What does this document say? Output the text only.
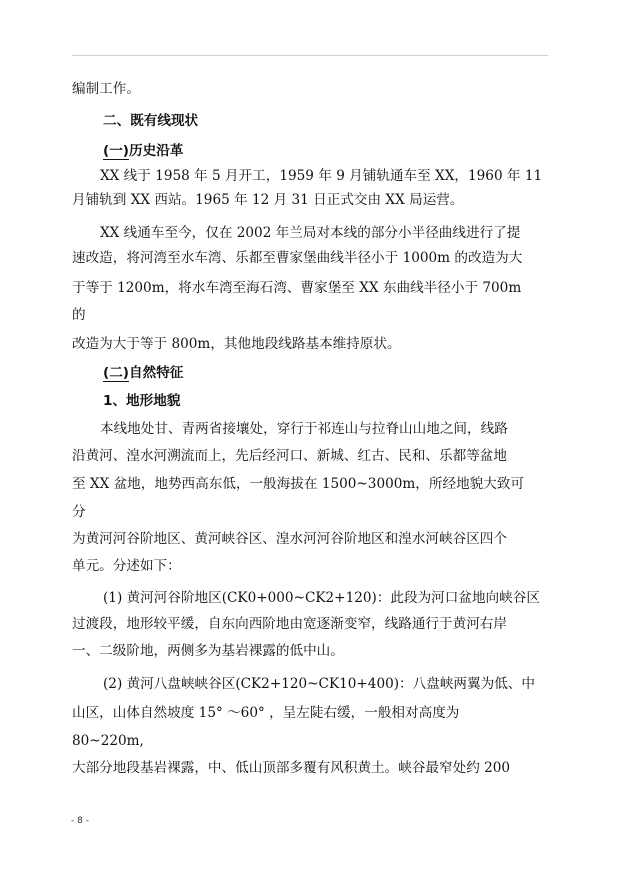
编制工作。
二、既有线现状
(一)历史沿革
XX 线于 1958 年 5 月开工，1959 年 9 月铺轨通车至 XX，1960 年 11
月铺轨到 XX 西站。1965 年 12 月 31 日正式交由 XX 局运营。
XX 线通车至今，仅在 2002 年兰局对本线的部分小半径曲线进行了提
速改造，将河湾至水车湾、乐都至曹家堡曲线半径小于 1000m 的改造为大
于等于 1200m，将水车湾至海石湾、曹家堡至 XX 东曲线半径小于 700m
的
改造为大于等于 800m，其他地段线路基本维持原状。
(二)自然特征
1、地形地貌
本线地处甘、青两省接壤处，穿行于祁连山与拉脊山山地之间，线路
沿黄河、湟水河溯流而上，先后经河口、新城、红古、民和、乐都等盆地
至 XX 盆地，地势西高东低，一般海拔在 1500~3000m，所经地貌大致可
分
为黄河河谷阶地区、黄河峡谷区、湟水河河谷阶地区和湟水河峡谷区四个
单元。分述如下：
(1) 黄河河谷阶地区(CK0+000~CK2+120)：此段为河口盆地向峡谷区
过渡段，地形较平缓，自东向西阶地由宽逐渐变窄，线路通行于黄河右岸
一、二级阶地，两侧多为基岩裸露的低中山。
(2) 黄河八盘峡峡谷区(CK2+120~CK10+400)：八盘峡两翼为低、中
山区，山体自然坡度 15° ～60° ，呈左陡右缓，一般相对高度为
80~220m,
大部分地段基岩裸露，中、低山顶部多覆有风积黄土。峡谷最窄处约 200
- 8 -
